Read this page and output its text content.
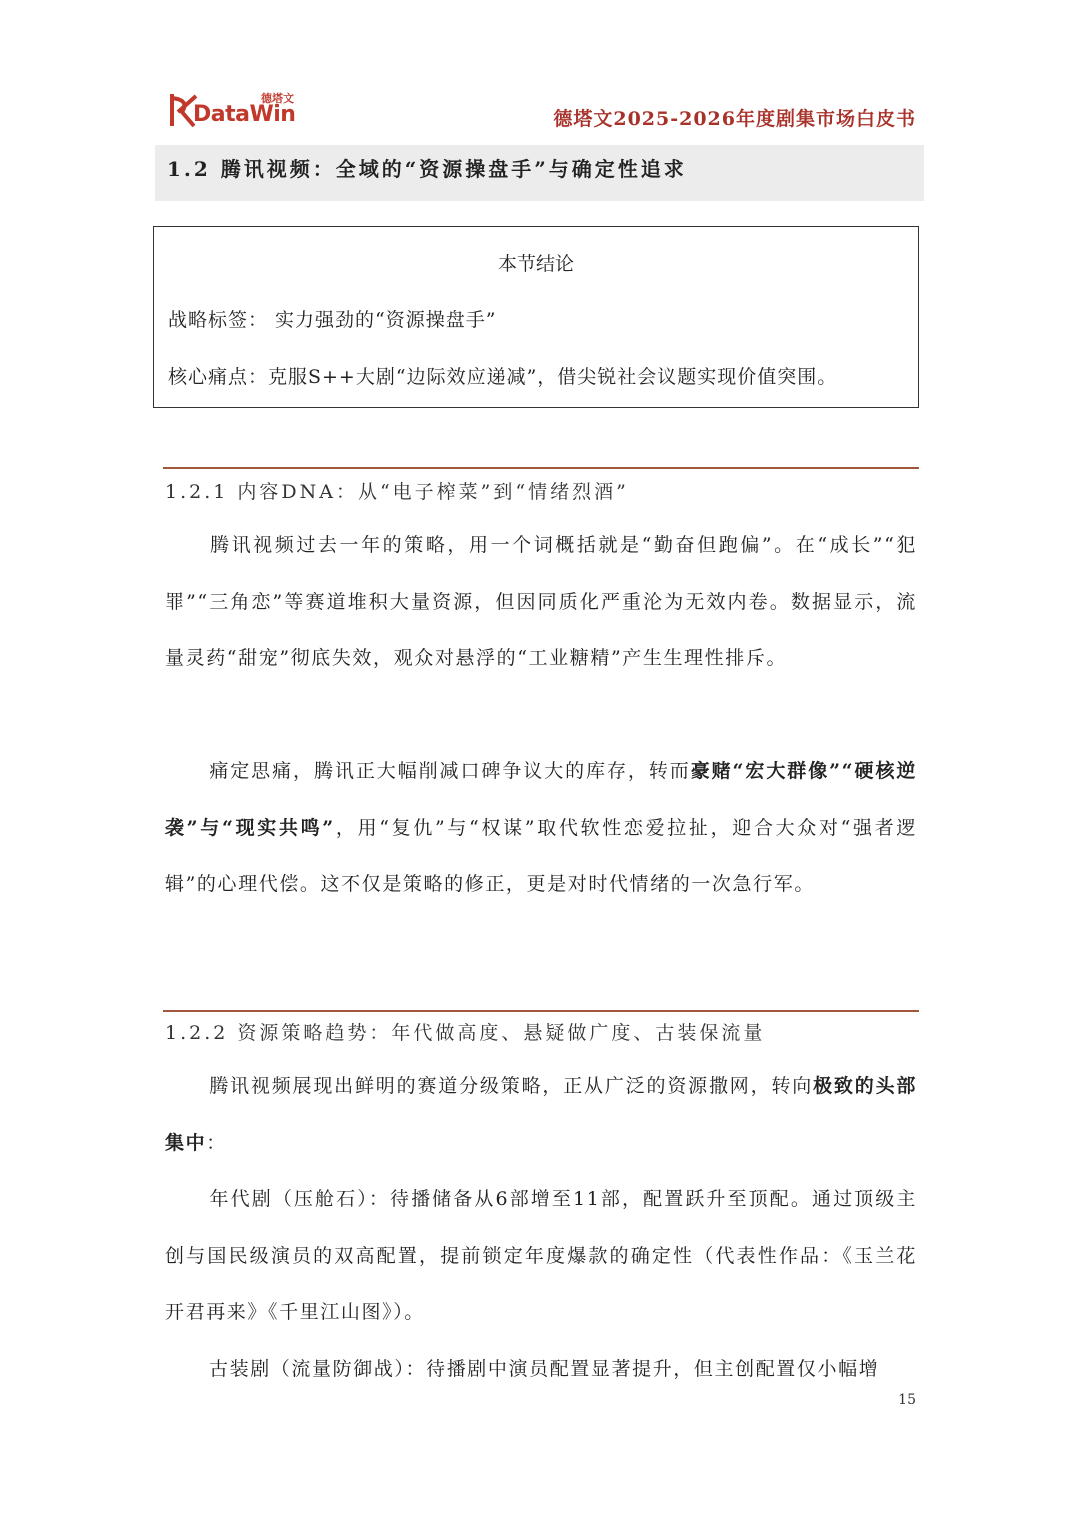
德塔文
DataWin	德塔文2025-2026年度剧集市场白皮书
1.2 腾讯视频：全域的“资源操盘手”与确定性追求
本节结论
战略标签： 实力强劲的“资源操盘手”
核心痛点：克服S++大剧“边际效应递减”，借尖锐社会议题实现价值突围。
1.2.1 内容DNA：从“电子榨菜”到“情绪烈酒”
腾讯视频过去一年的策略，用一个词概括就是“勤奋但跑偏”。在“成长”“犯罪”“三角恋”等赛道堆积大量资源，但因同质化严重沦为无效内卷。数据显示，流量灵药“甜宠”彻底失效，观众对悬浮的“工业糖精”产生生理性排斥。
痛定思痛，腾讯正大幅削减口碑争议大的库存，转而豪赌“宏大群像”“硬核逆袭”与“现实共鸣”，用“复仇”与“权谋”取代软性恋爱拉扯，迎合大众对“强者逻辑”的心理代偿。这不仅是策略的修正，更是对时代情绪的一次急行军。
1.2.2 资源策略趋势：年代做高度、悬疑做广度、古装保流量
腾讯视频展现出鲜明的赛道分级策略，正从广泛的资源撒网，转向极致的头部集中：
年代剧（压舱石）：待播储备从6部增至11部，配置跃升至顶配。通过顶级主创与国民级演员的双高配置，提前锁定年度爆款的确定性（代表性作品：《玉兰花开君再来》《千里江山图》）。
古装剧（流量防御战）：待播剧中演员配置显著提升，但主创配置仅小幅增
15
